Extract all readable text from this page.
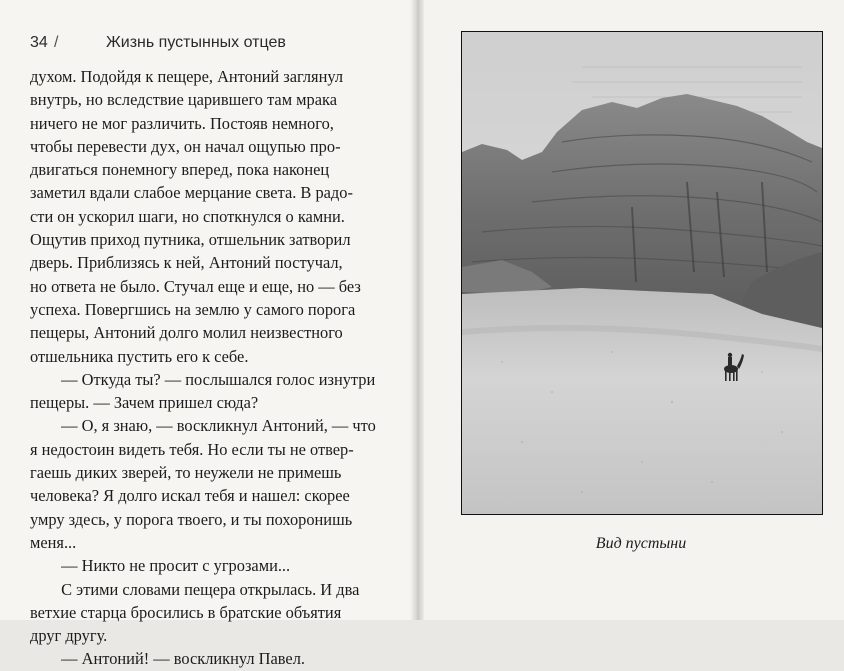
34 /	Жизнь пустынных отцев
духом. Подойдя к пещере, Антоний заглянул
внутрь, но вследствие царившего там мрака
ничего не мог различить. Постояв немного,
чтобы перевести дух, он начал ощупью про-
двигаться понемногу вперед, пока наконец
заметил вдали слабое мерцание света. В радо-
сти он ускорил шаги, но споткнулся о камни.
Ощутив приход путника, отшельник затворил
дверь. Приблизясь к ней, Антоний постучал,
но ответа не было. Стучал еще и еще, но — без
успеха. Повергшись на землю у самого порога
пещеры, Антоний долго молил неизвестного
отшельника пустить его к себе.
— Откуда ты? — послышался голос изнутри
пещеры. — Зачем пришел сюда?
— О, я знаю, — воскликнул Антоний, — что
я недостоин видеть тебя. Но если ты не отвер-
гаешь диких зверей, то неужели не примешь
человека? Я долго искал тебя и нашел: скорее
умру здесь, у порога твоего, и ты похоронишь
меня...
— Никто не просит с угрозами...
С этими словами пещера открылась. И два
ветхие старца бросились в братские объятия
друг другу.
— Антоний! — воскликнул Павел.
Вид пустыни
